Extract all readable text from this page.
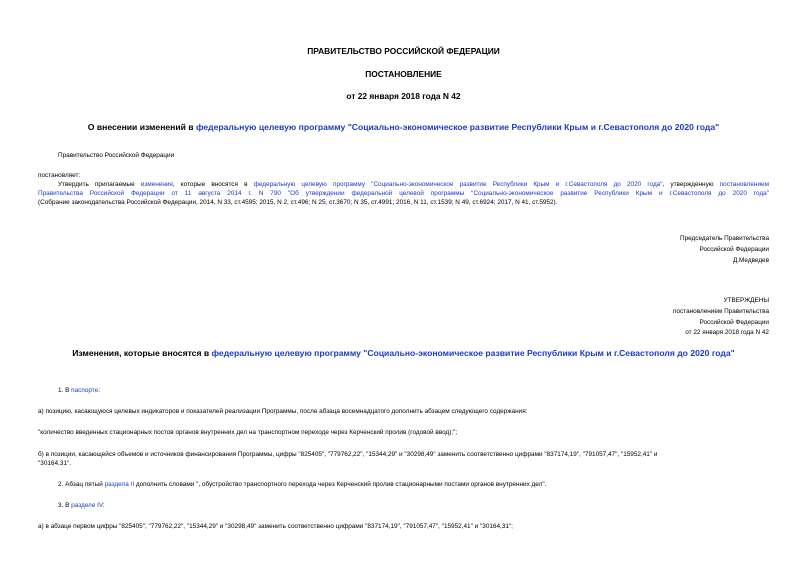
ПРАВИТЕЛЬСТВО РОССИЙСКОЙ ФЕДЕРАЦИИ
ПОСТАНОВЛЕНИЕ
от 22 января 2018 года N 42
О внесении изменений в федеральную целевую программу "Социально-экономическое развитие Республики Крым и г.Севастополя до 2020 года"
Правительство Российской Федерации
постановляет:
Утвердить прилагаемые изменения, которые вносятся в федеральную целевую программу "Социально-экономическое развитие Республики Крым и г.Севастополя до 2020 года", утвержденную постановлением
Правительства Российской Федерации от 11 августа 2014 г. N 790 "Об утверждении федеральной целевой программы "Социально-экономическое развитие Республики Крым и г.Севастополя до 2020 года"
(Собрание законодательства Российской Федерации, 2014, N 33, ст.4595; 2015, N 2, ст.496; N 25, ст.3670; N 35, ст.4991; 2016, N 11, ст.1539; N 49, ст.6924; 2017, N 41, ст.5952).
Председатель Правительства
Российской Федерации
Д.Медведев
УТВЕРЖДЕНЫ
постановлением Правительства
Российской Федерации
от 22 января 2018 года N 42
Изменения, которые вносятся в федеральную целевую программу "Социально-экономическое развитие Республики Крым и г.Севастополя до 2020 года"
1. В паспорте:
а) позицию, касающуюся целевых индикаторов и показателей реализации Программы, после абзаца восемнадцатого дополнить абзацем следующего содержания:
"количество введенных стационарных постов органов внутренних дел на транспортном переходе через Керченский пролив (годовой ввод);";
б) в позиции, касающейся объемов и источников финансирования Программы, цифры "825405", "779762,22", "15344,29" и "30298,49" заменить соответственно цифрами "837174,19", "791057,47", "15952,41" и
"30164,31".
2. Абзац пятый раздела II дополнить словами ", обустройство транспортного перехода через Керченский пролив стационарными постами органов внутренних дел".
3. В разделе IV:
а) в абзаце первом цифры "825405", "779762,22", "15344,29" и "30298,49" заменить соответственно цифрами "837174,19", "791057,47", "15952,41" и "30164,31";
